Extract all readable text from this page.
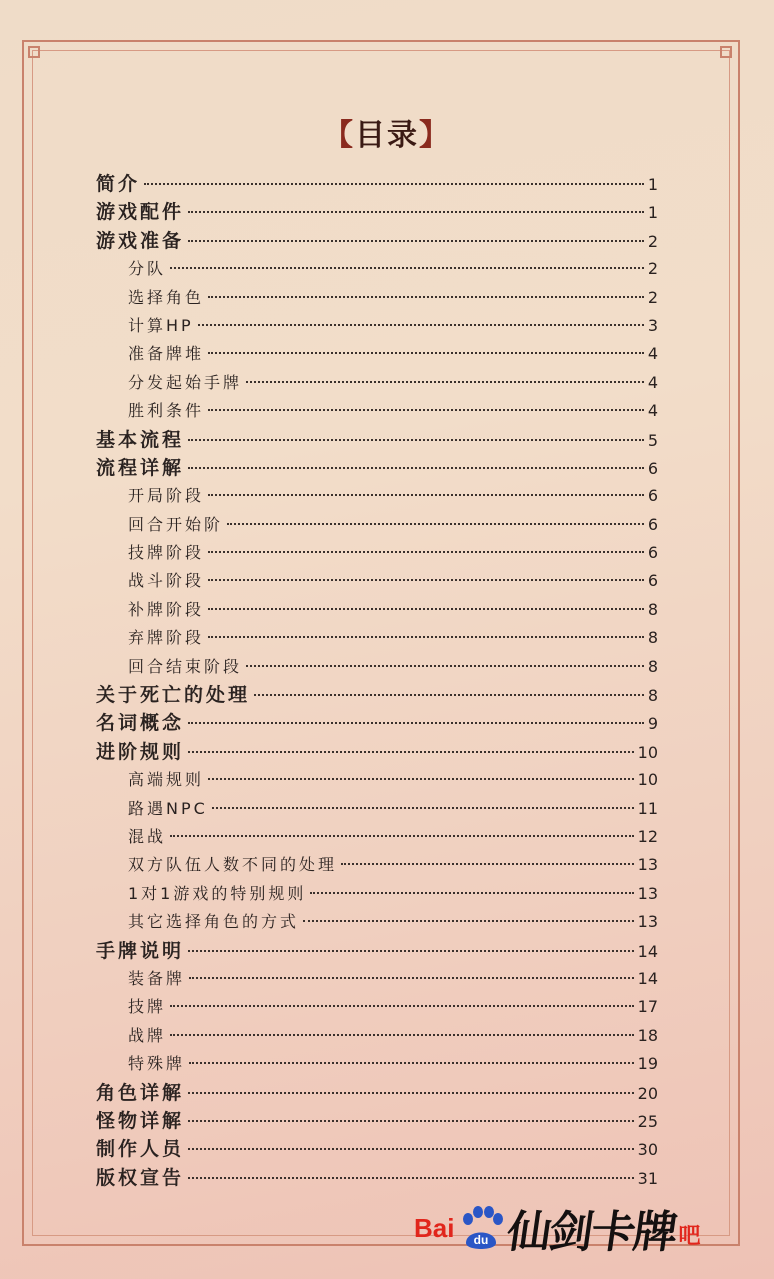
【目录】
简介	1
游戏配件	1
游戏准备	2
分队	2
选择角色	2
计算HP	3
准备牌堆	4
分发起始手牌	4
胜利条件	4
基本流程	5
流程详解	6
开局阶段	6
回合开始阶	6
技牌阶段	6
战斗阶段	6
补牌阶段	8
弃牌阶段	8
回合结束阶段	8
关于死亡的处理	8
名词概念	9
进阶规则	10
高端规则	10
路遇NPC	11
混战	12
双方队伍人数不同的处理	13
1对1游戏的特别规则	13
其它选择角色的方式	13
手牌说明	14
装备牌	14
技牌	17
战牌	18
特殊牌	19
角色详解	20
怪物详解	25
制作人员	30
版权宣告	31
Bai du 仙剑卡牌 吧
